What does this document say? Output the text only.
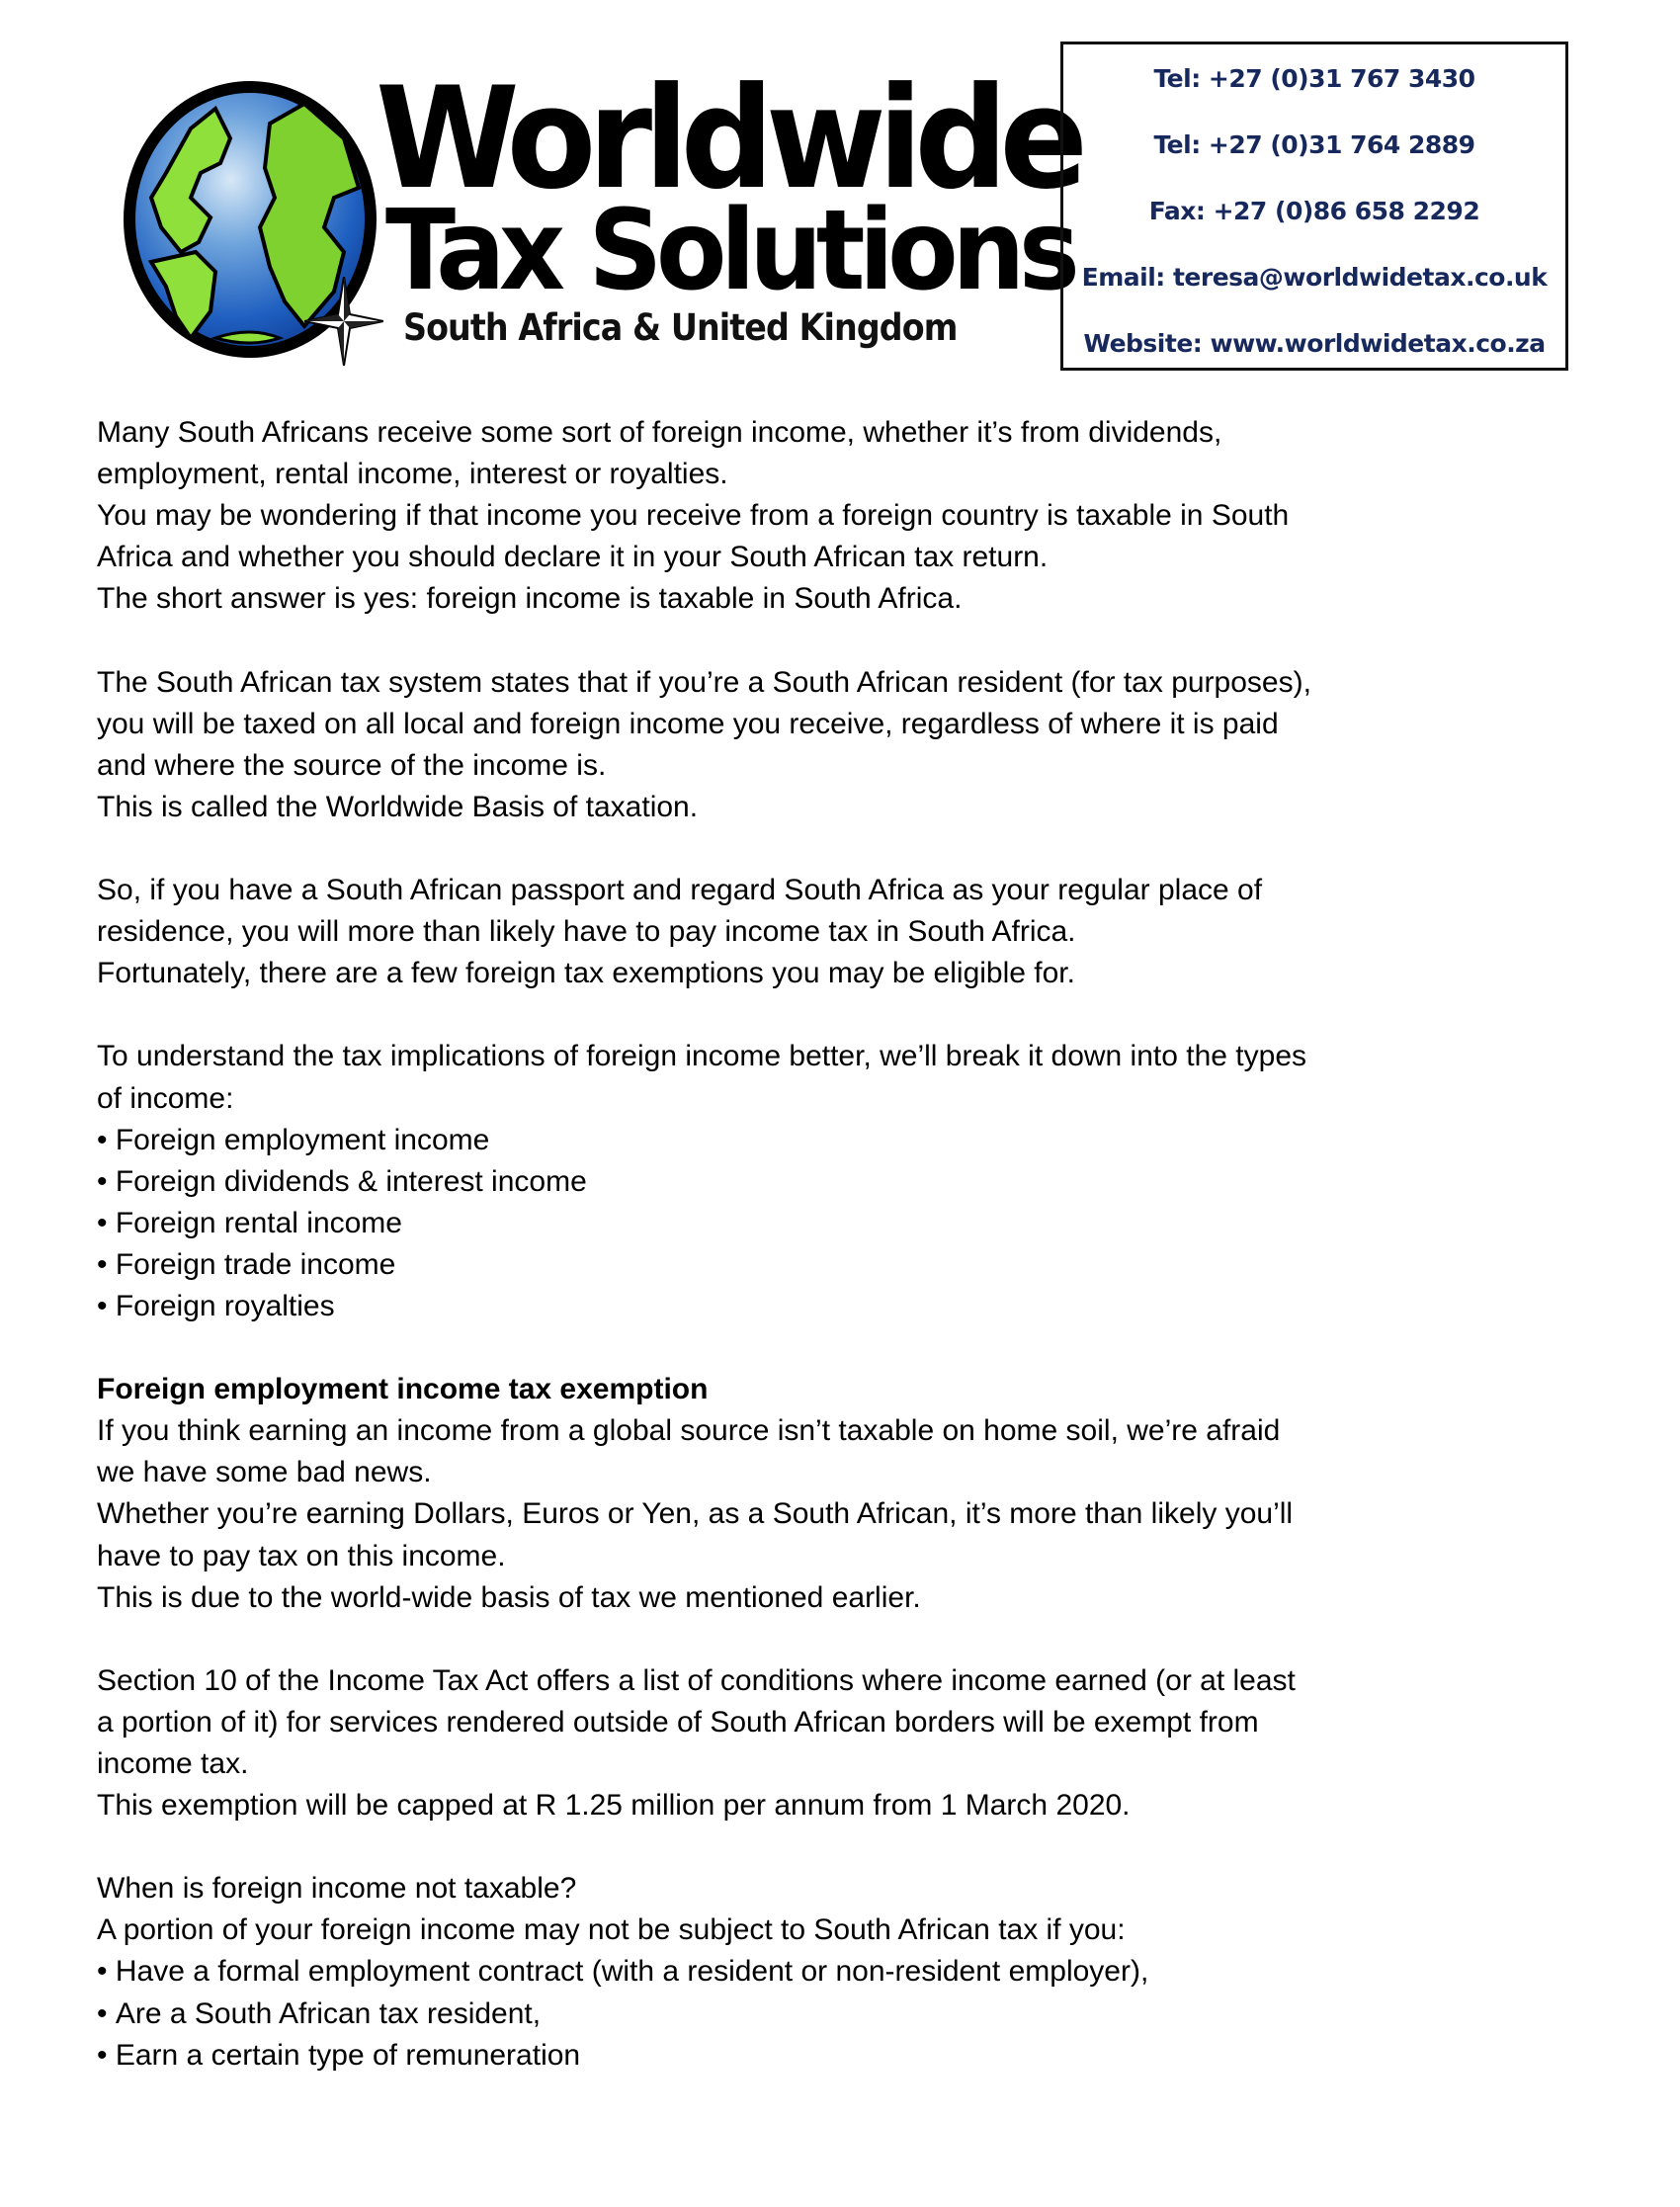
Worldwide
Tax Solutions
South Africa & United Kingdom
Tel: +27 (0)31 767 3430
Tel: +27 (0)31 764 2889
Fax: +27 (0)86 658 2292
Email: teresa@worldwidetax.co.uk
Website: www.worldwidetax.co.za

Many South Africans receive some sort of foreign income, whether it’s from dividends,

employment, rental income, interest or royalties.

You may be wondering if that income you receive from a foreign country is taxable in South

Africa and whether you should declare it in your South African tax return.

The short answer is yes: foreign income is taxable in South Africa.

The South African tax system states that if you’re a South African resident (for tax purposes),

you will be taxed on all local and foreign income you receive, regardless of where it is paid

and where the source of the income is.

This is called the Worldwide Basis of taxation.

So, if you have a South African passport and regard South Africa as your regular place of

residence, you will more than likely have to pay income tax in South Africa.

Fortunately, there are a few foreign tax exemptions you may be eligible for.

To understand the tax implications of foreign income better, we’ll break it down into the types

of income:

• Foreign employment income

• Foreign dividends & interest income

• Foreign rental income

• Foreign trade income

• Foreign royalties

Foreign employment income tax exemption

If you think earning an income from a global source isn’t taxable on home soil, we’re afraid

we have some bad news.

Whether you’re earning Dollars, Euros or Yen, as a South African, it’s more than likely you’ll

have to pay tax on this income.

This is due to the world-wide basis of tax we mentioned earlier.

Section 10 of the Income Tax Act offers a list of conditions where income earned (or at least

a portion of it) for services rendered outside of South African borders will be exempt from

income tax.

This exemption will be capped at R 1.25 million per annum from 1 March 2020.

When is foreign income not taxable?

A portion of your foreign income may not be subject to South African tax if you:

• Have a formal employment contract (with a resident or non-resident employer),

• Are a South African tax resident,

• Earn a certain type of remuneration
